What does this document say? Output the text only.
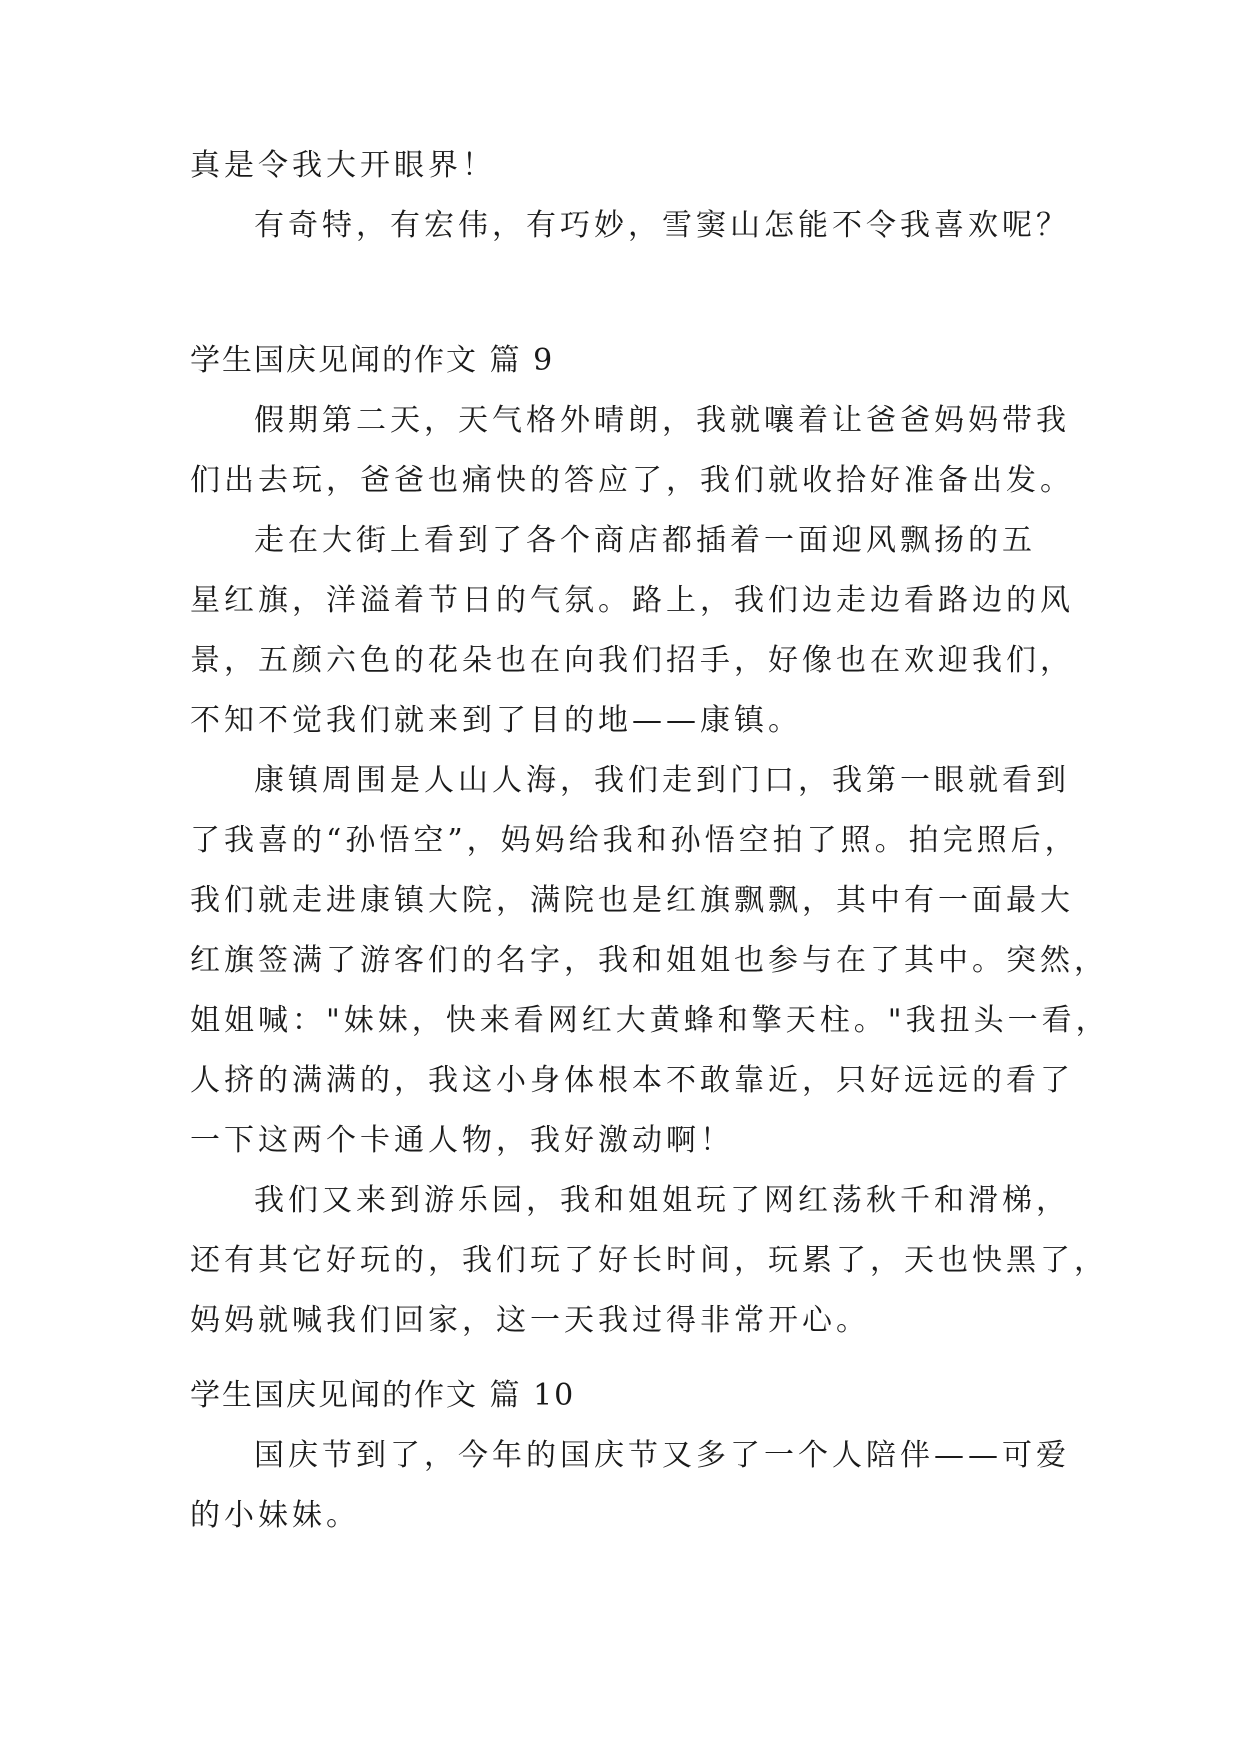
真是令我大开眼界！
有奇特，有宏伟，有巧妙，雪窦山怎能不令我喜欢呢？
学生国庆见闻的作文 篇 9
假期第二天，天气格外晴朗，我就嚷着让爸爸妈妈带我
们出去玩，爸爸也痛快的答应了，我们就收拾好准备出发。
走在大街上看到了各个商店都插着一面迎风飘扬的五
星红旗，洋溢着节日的气氛。路上，我们边走边看路边的风
景，五颜六色的花朵也在向我们招手，好像也在欢迎我们，
不知不觉我们就来到了目的地——康镇。
康镇周围是人山人海，我们走到门口，我第一眼就看到
了我喜的“孙悟空”，妈妈给我和孙悟空拍了照。拍完照后，
我们就走进康镇大院，满院也是红旗飘飘，其中有一面最大
红旗签满了游客们的名字，我和姐姐也参与在了其中。突然，
姐姐喊："妹妹，快来看网红大黄蜂和擎天柱。"我扭头一看，
人挤的满满的，我这小身体根本不敢靠近，只好远远的看了
一下这两个卡通人物，我好激动啊！
我们又来到游乐园，我和姐姐玩了网红荡秋千和滑梯，
还有其它好玩的，我们玩了好长时间，玩累了，天也快黑了，
妈妈就喊我们回家，这一天我过得非常开心。
学生国庆见闻的作文 篇 10
国庆节到了，今年的国庆节又多了一个人陪伴——可爱
的小妹妹。
